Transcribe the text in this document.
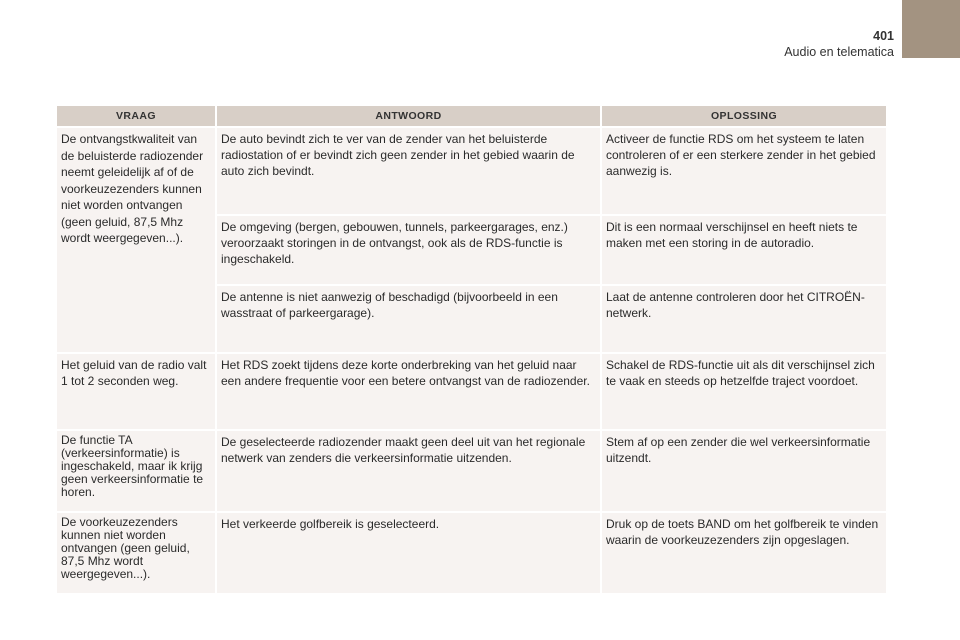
401
Audio en telematica
VRAAG	ANTWOORD	OPLOSSING
De ontvangstkwaliteit van de beluisterde radiozender neemt geleidelijk af of de voorkeuzezenders kunnen niet worden ontvangen (geen geluid, 87,5 Mhz wordt weergegeven...).	De auto bevindt zich te ver van de zender van het beluisterde radiostation of er bevindt zich geen zender in het gebied waarin de auto zich bevindt.	Activeer de functie RDS om het systeem te laten controleren of er een sterkere zender in het gebied aanwezig is.
	De omgeving (bergen, gebouwen, tunnels, parkeergarages, enz.) veroorzaakt storingen in de ontvangst, ook als de RDS-functie is ingeschakeld.	Dit is een normaal verschijnsel en heeft niets te maken met een storing in de autoradio.
	De antenne is niet aanwezig of beschadigd (bijvoorbeeld in een wasstraat of parkeergarage).	Laat de antenne controleren door het CITROËN-netwerk.
Het geluid van de radio valt 1 tot 2 seconden weg.	Het RDS zoekt tijdens deze korte onderbreking van het geluid naar een andere frequentie voor een betere ontvangst van de radiozender.	Schakel de RDS-functie uit als dit verschijnsel zich te vaak en steeds op hetzelfde traject voordoet.
De functie TA (verkeersinformatie) is ingeschakeld, maar ik krijg geen verkeersinformatie te horen.	De geselecteerde radiozender maakt geen deel uit van het regionale netwerk van zenders die verkeersinformatie uitzenden.	Stem af op een zender die wel verkeersinformatie uitzendt.
De voorkeuzezenders kunnen niet worden ontvangen (geen geluid, 87,5 Mhz wordt weergegeven...).	Het verkeerde golfbereik is geselecteerd.	Druk op de toets BAND om het golfbereik te vinden waarin de voorkeuzezenders zijn opgeslagen.
